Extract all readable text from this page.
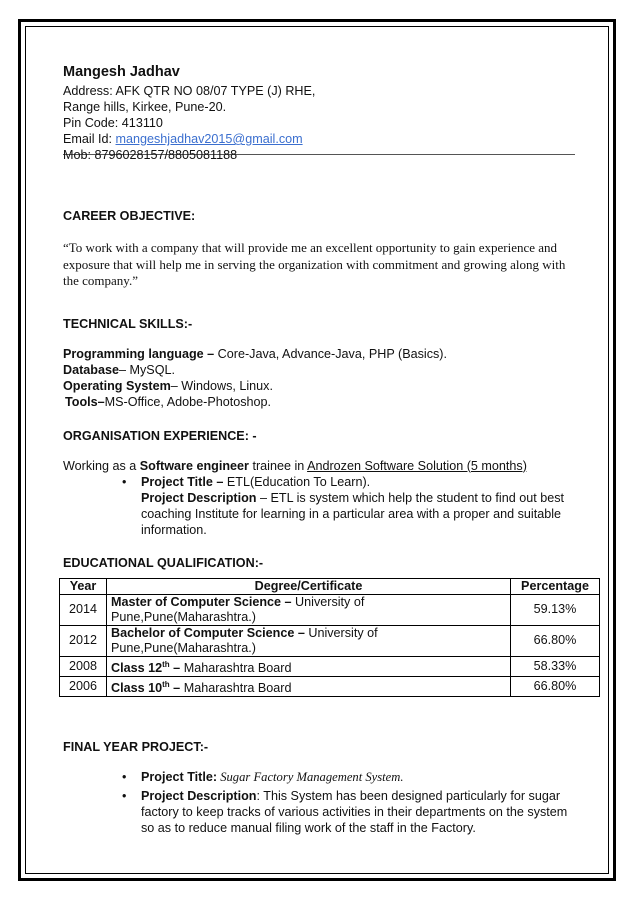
Mangesh Jadhav
Address: AFK QTR NO 08/07 TYPE (J) RHE,
Range hills, Kirkee, Pune-20.
Pin Code: 413110
Email Id: mangeshjadhav2015@gmail.com
Mob: 8796028157/8805081188
CAREER OBJECTIVE:
“To work with a company that will provide me an excellent opportunity to gain experience and
exposure that will help me in serving the organization with commitment and growing along with
the company.”
TECHNICAL SKILLS:-
Programming language – Core-Java, Advance-Java, PHP (Basics).
Database– MySQL.
Operating System– Windows, Linux.
Tools–MS-Office, Adobe-Photoshop.
ORGANISATION EXPERIENCE: -
Working as a Software engineer trainee in Androzen Software Solution (5 months)
• Project Title – ETL(Education To Learn).
Project Description – ETL is system which help the student to find out best
coaching Institute for learning in a particular area with a proper and suitable
information.
EDUCATIONAL QUALIFICATION:-
Year	Degree/Certificate	Percentage
2014	Master of Computer Science – University of Pune,Pune(Maharashtra.)	59.13%
2012	Bachelor of Computer Science – University of Pune,Pune(Maharashtra.)	66.80%
2008	Class 12th – Maharashtra Board	58.33%
2006	Class 10th – Maharashtra Board	66.80%
FINAL YEAR PROJECT:-
• Project Title: Sugar Factory Management System.
• Project Description: This System has been designed particularly for sugar
factory to keep tracks of various activities in their departments on the system
so as to reduce manual filing work of the staff in the Factory.
